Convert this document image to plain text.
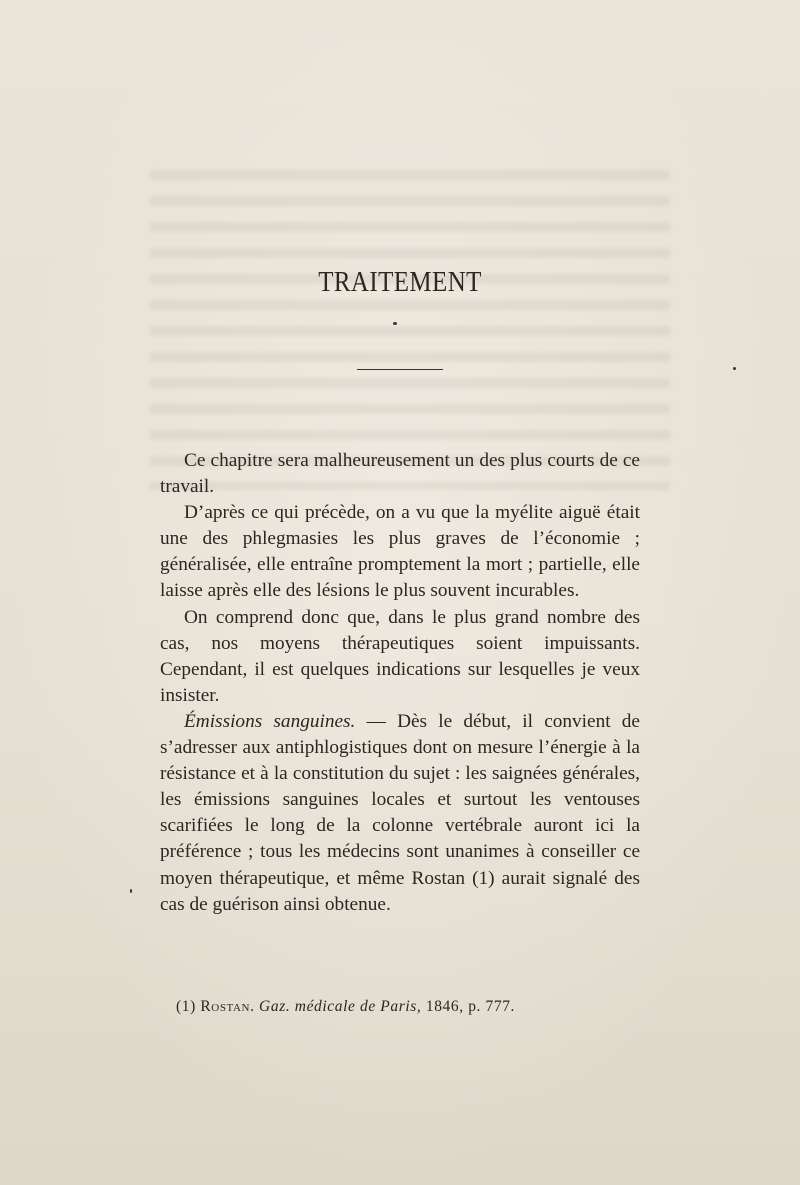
TRAITEMENT

Ce chapitre sera malheureusement un des plus courts de ce travail.

D’après ce qui précède, on a vu que la myélite aiguë était une des phlegmasies les plus graves de l’économie ; généralisée, elle entraîne promptement la mort ; partielle, elle laisse après elle des lésions le plus souvent incurables.

On comprend donc que, dans le plus grand nombre des cas, nos moyens thérapeutiques soient impuissants. Cependant, il est quelques indications sur lesquelles je veux insister.

Émissions sanguines. — Dès le début, il convient de s’adresser aux antiphlogistiques dont on mesure l’énergie à la résistance et à la constitution du sujet : les saignées générales, les émissions sanguines locales et surtout les ventouses scarifiées le long de la colonne vertébrale auront ici la préférence ; tous les médecins sont unanimes à conseiller ce moyen thérapeutique, et même Rostan (1) aurait signalé des cas de guérison ainsi obtenue.

(1) Rostan. Gaz. médicale de Paris, 1846, p. 777.
